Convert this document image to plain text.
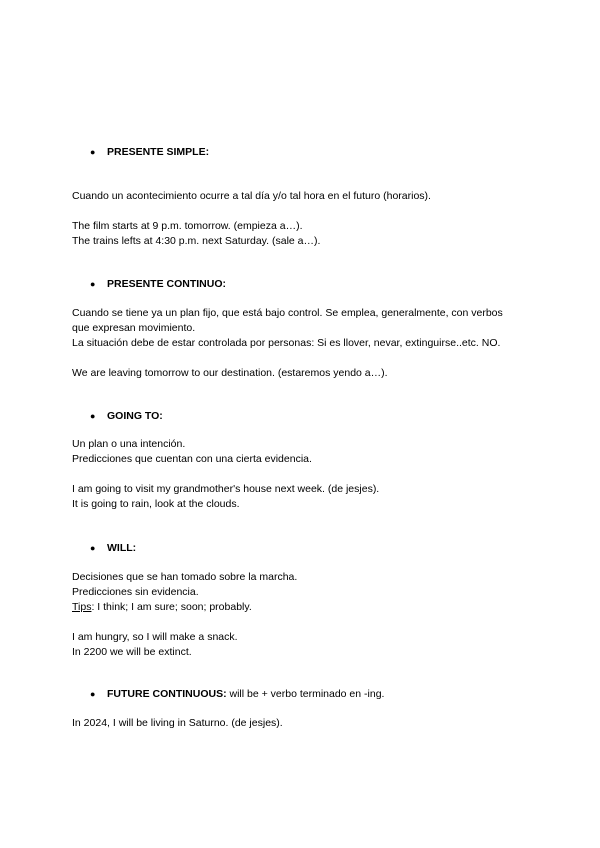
● PRESENTE SIMPLE:
Cuando un acontecimiento ocurre a tal día y/o tal hora en el futuro (horarios).
The film starts at 9 p.m. tomorrow. (empieza a…).
The trains lefts at 4:30 p.m. next Saturday. (sale a…).
● PRESENTE CONTINUO:
Cuando se tiene ya un plan fijo, que está bajo control. Se emplea, generalmente, con verbos
que expresan movimiento.
La situación debe de estar controlada por personas: Si es llover, nevar, extinguirse..etc. NO.
We are leaving tomorrow to our destination. (estaremos yendo a…).
● GOING TO:
Un plan o una intención.
Predicciones que cuentan con una cierta evidencia.
I am going to visit my grandmother's house next week. (de jesjes).
It is going to rain, look at the clouds.
● WILL:
Decisiones que se han tomado sobre la marcha.
Predicciones sin evidencia.
Tips: I think; I am sure; soon; probably.
I am hungry, so I will make a snack.
In 2200 we will be extinct.
● FUTURE CONTINUOUS: will be + verbo terminado en -ing.
In 2024, I will be living in Saturno. (de jesjes).
